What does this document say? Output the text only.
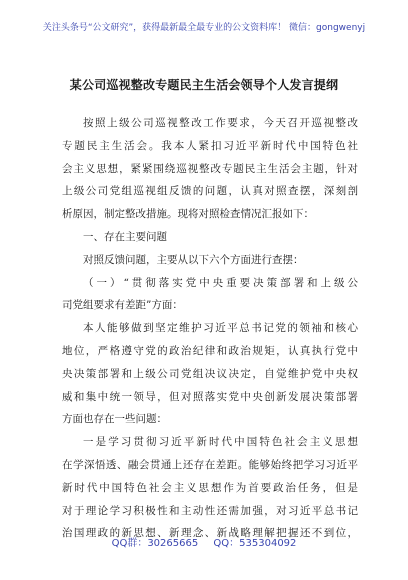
关注头条号“公文研究”，获得最新最全最专业的公文资料库！ 微信：gongwenyj
某公司巡视整改专题民主生活会领导个人发言提纲
按照上级公司巡视整改工作要求，今天召开巡视整改
专题民主生活会。我本人紧扣习近平新时代中国特色社
会主义思想，紧紧围绕巡视整改专题民主生活会主题，针对
上级公司党组巡视组反馈的问题，认真对照查摆，深刻剖
析原因，制定整改措施。现将对照检查情况汇报如下：
一、存在主要问题
对照反馈问题，主要从以下六个方面进行查摆：
（一）“贯彻落实党中央重要决策部署和上级公
司党组要求有差距”方面：
本人能够做到坚定维护习近平总书记党的领袖和核心
地位，严格遵守党的政治纪律和政治规矩，认真执行党中
央决策部署和上级公司党组决议决定，自觉维护党中央权
威和集中统一领导，但对照落实党中央创新发展决策部署
方面也存在一些问题：
一是学习贯彻习近平新时代中国特色社会主义思想
在学深悟透、融会贯通上还存在差距。能够始终把学习习近平
新时代中国特色社会主义思想作为首要政治任务，但是
对于理论学习积极性和主动性还需加强，对习近平总书记
治国理政的新思想、新理念、新战略理解把握还不到位，
QQ群：30265665 QQ：535304092
